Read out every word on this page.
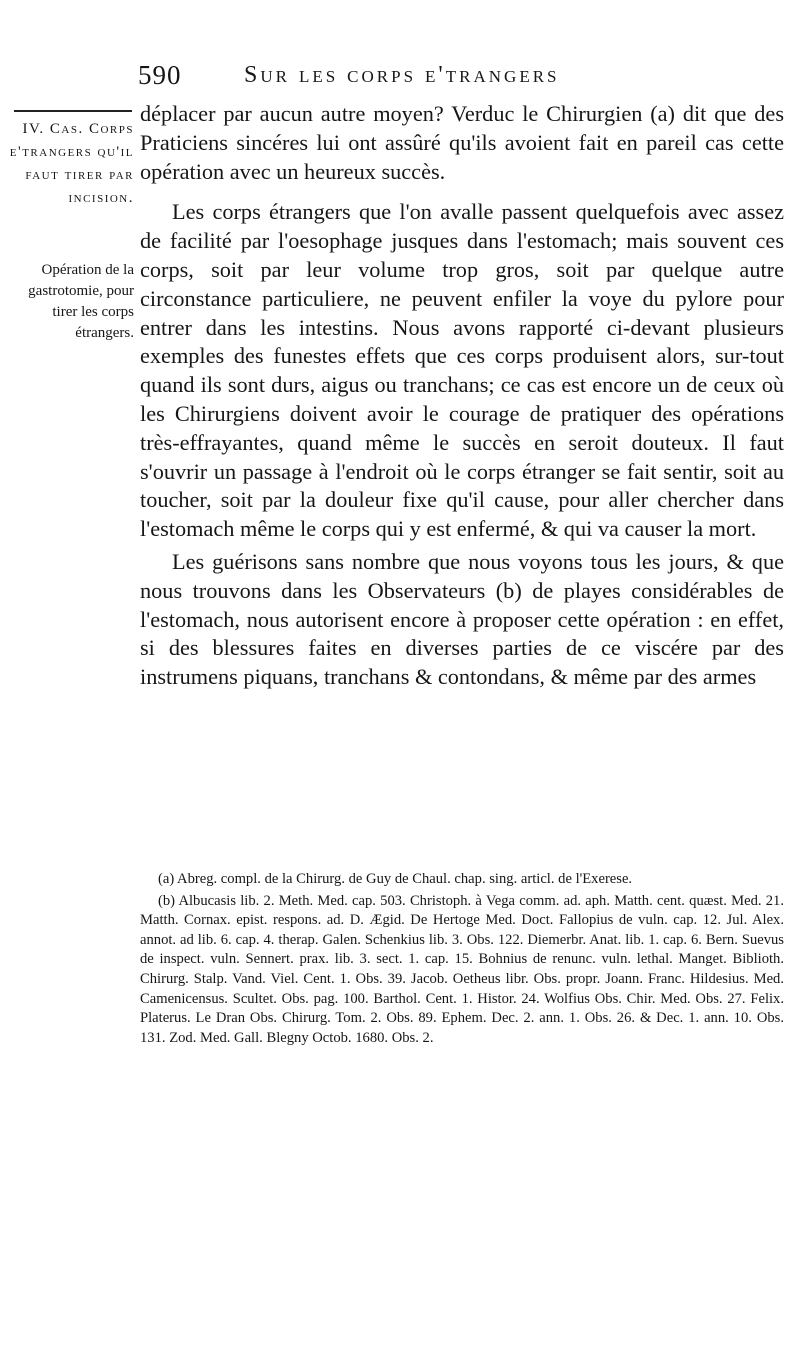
590	Sur les corps e'trangers
IV. Cas. Corps e'trangers qu'il faut tirer par incision.
Opération de la gastrotomie, pour tirer les corps étrangers.

déplacer par aucun autre moyen? Verduc le Chirurgien (a) dit que des Praticiens sincéres lui ont assûré qu'ils avoient fait en pareil cas cette opération avec un heureux succès.

Les corps étrangers que l'on avalle passent quelquefois avec assez de facilité par l'oesophage jusques dans l'estomach; mais souvent ces corps, soit par leur volume trop gros, soit par quelque autre circonstance particuliere, ne peuvent enfiler la voye du pylore pour entrer dans les intestins. Nous avons rapporté ci-devant plusieurs exemples des funestes effets que ces corps produisent alors, sur-tout quand ils sont durs, aigus ou tranchans; ce cas est encore un de ceux où les Chirurgiens doivent avoir le courage de pratiquer des opérations très-effrayantes, quand même le succès en seroit douteux. Il faut s'ouvrir un passage à l'endroit où le corps étranger se fait sentir, soit au toucher, soit par la douleur fixe qu'il cause, pour aller chercher dans l'estomach même le corps qui y est enfermé, & qui va causer la mort.

Les guérisons sans nombre que nous voyons tous les jours, & que nous trouvons dans les Observateurs (b) de playes considérables de l'estomach, nous autorisent encore à proposer cette opération : en effet, si des blessures faites en diverses parties de ce viscére par des instrumens piquans, tranchans & contondans, & même par des armes

(a) Abreg. compl. de la Chirurg. de Guy de Chaul. chap. sing. articl. de l'Exerese.

(b) Albucasis lib. 2. Meth. Med. cap. 503. Christoph. à Vega comm. ad. aph. Matth. cent. quæst. Med. 21. Matth. Cornax. epist. respons. ad. D. Ægid. De Hertoge Med. Doct. Fallopius de vuln. cap. 12. Jul. Alex. annot. ad lib. 6. cap. 4. therap. Galen. Schenkius lib. 3. Obs. 122. Diemerbr. Anat. lib. 1. cap. 6. Bern. Suevus de inspect. vuln. Sennert. prax. lib. 3. sect. 1. cap. 15. Bohnius de renunc. vuln. lethal. Manget. Biblioth. Chirurg. Stalp. Vand. Viel. Cent. 1. Obs. 39. Jacob. Oetheus libr. Obs. propr. Joann. Franc. Hildesius. Med. Camenicensus. Scultet. Obs. pag. 100. Barthol. Cent. 1. Histor. 24. Wolfius Obs. Chir. Med. Obs. 27. Felix. Platerus. Le Dran Obs. Chirurg. Tom. 2. Obs. 89. Ephem. Dec. 2. ann. 1. Obs. 26. & Dec. 1. ann. 10. Obs. 131. Zod. Med. Gall. Blegny Octob. 1680. Obs. 2.
